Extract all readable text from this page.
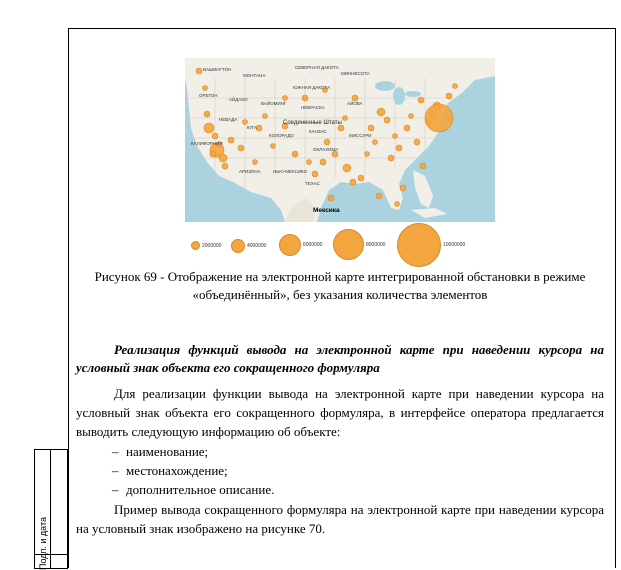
Подп. и дата
Соединенные Штаты
Мексика
ВАШИНГТОН
МОНТАНА
СЕВЕРНАЯ ДАКОТА
МИННЕСОТА
ОРЕГОН
АЙДАХО
ЮЖНАЯ ДАКОТА
ВАЙОМИНГ
НЕБРАСКА
АЙОВА
НЕВАДА
ЮТА
КОЛОРАДО
КАНЗАС
МИССУРИ
КАЛИФОРНИЯ
АРИЗОНА	НЬЮ-МЕКСИКО
ОКЛАХОМА
ТЕХАС
2000000	4000000	6000000	8000000	10000000
Рисунок 69 - Отображение на электронной карте интегрированной обстановки в режиме «объединённый», без указания количества элементов
Реализация функций вывода на электронной карте при наведении курсора на условный знак объекта его сокращенного формуляра
Для реализации функции вывода на электронной карте при наведении курсора на условный знак объекта его сокращенного формуляра, в интерфейсе оператора предлагается выводить следующую информацию об объекте:
– наименование;
– местонахождение;
– дополнительное описание.
Пример вывода сокращенного формуляра на электронной карте при наведении курсора на условный знак изображено на рисунке 70.
